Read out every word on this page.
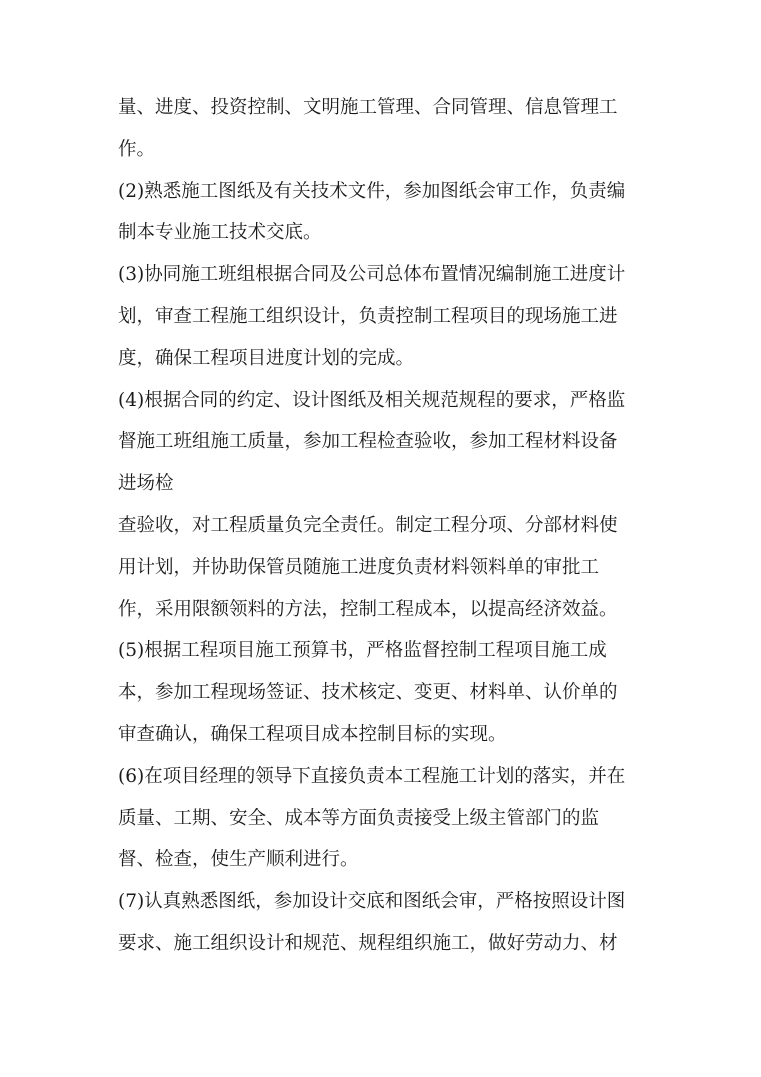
量、进度、投资控制、文明施工管理、合同管理、信息管理工
作。
(2)熟悉施工图纸及有关技术文件，参加图纸会审工作，负责编
制本专业施工技术交底。
(3)协同施工班组根据合同及公司总体布置情况编制施工进度计
划，审查工程施工组织设计，负责控制工程项目的现场施工进
度，确保工程项目进度计划的完成。
(4)根据合同的约定、设计图纸及相关规范规程的要求，严格监
督施工班组施工质量，参加工程检查验收，参加工程材料设备
进场检
查验收，对工程质量负完全责任。制定工程分项、分部材料使
用计划，并协助保管员随施工进度负责材料领料单的审批工
作，采用限额领料的方法，控制工程成本，以提高经济效益。
(5)根据工程项目施工预算书，严格监督控制工程项目施工成
本，参加工程现场签证、技术核定、变更、材料单、认价单的
审查确认，确保工程项目成本控制目标的实现。
(6)在项目经理的领导下直接负责本工程施工计划的落实，并在
质量、工期、安全、成本等方面负责接受上级主管部门的监
督、检查，使生产顺利进行。
(7)认真熟悉图纸，参加设计交底和图纸会审，严格按照设计图
要求、施工组织设计和规范、规程组织施工，做好劳动力、材
